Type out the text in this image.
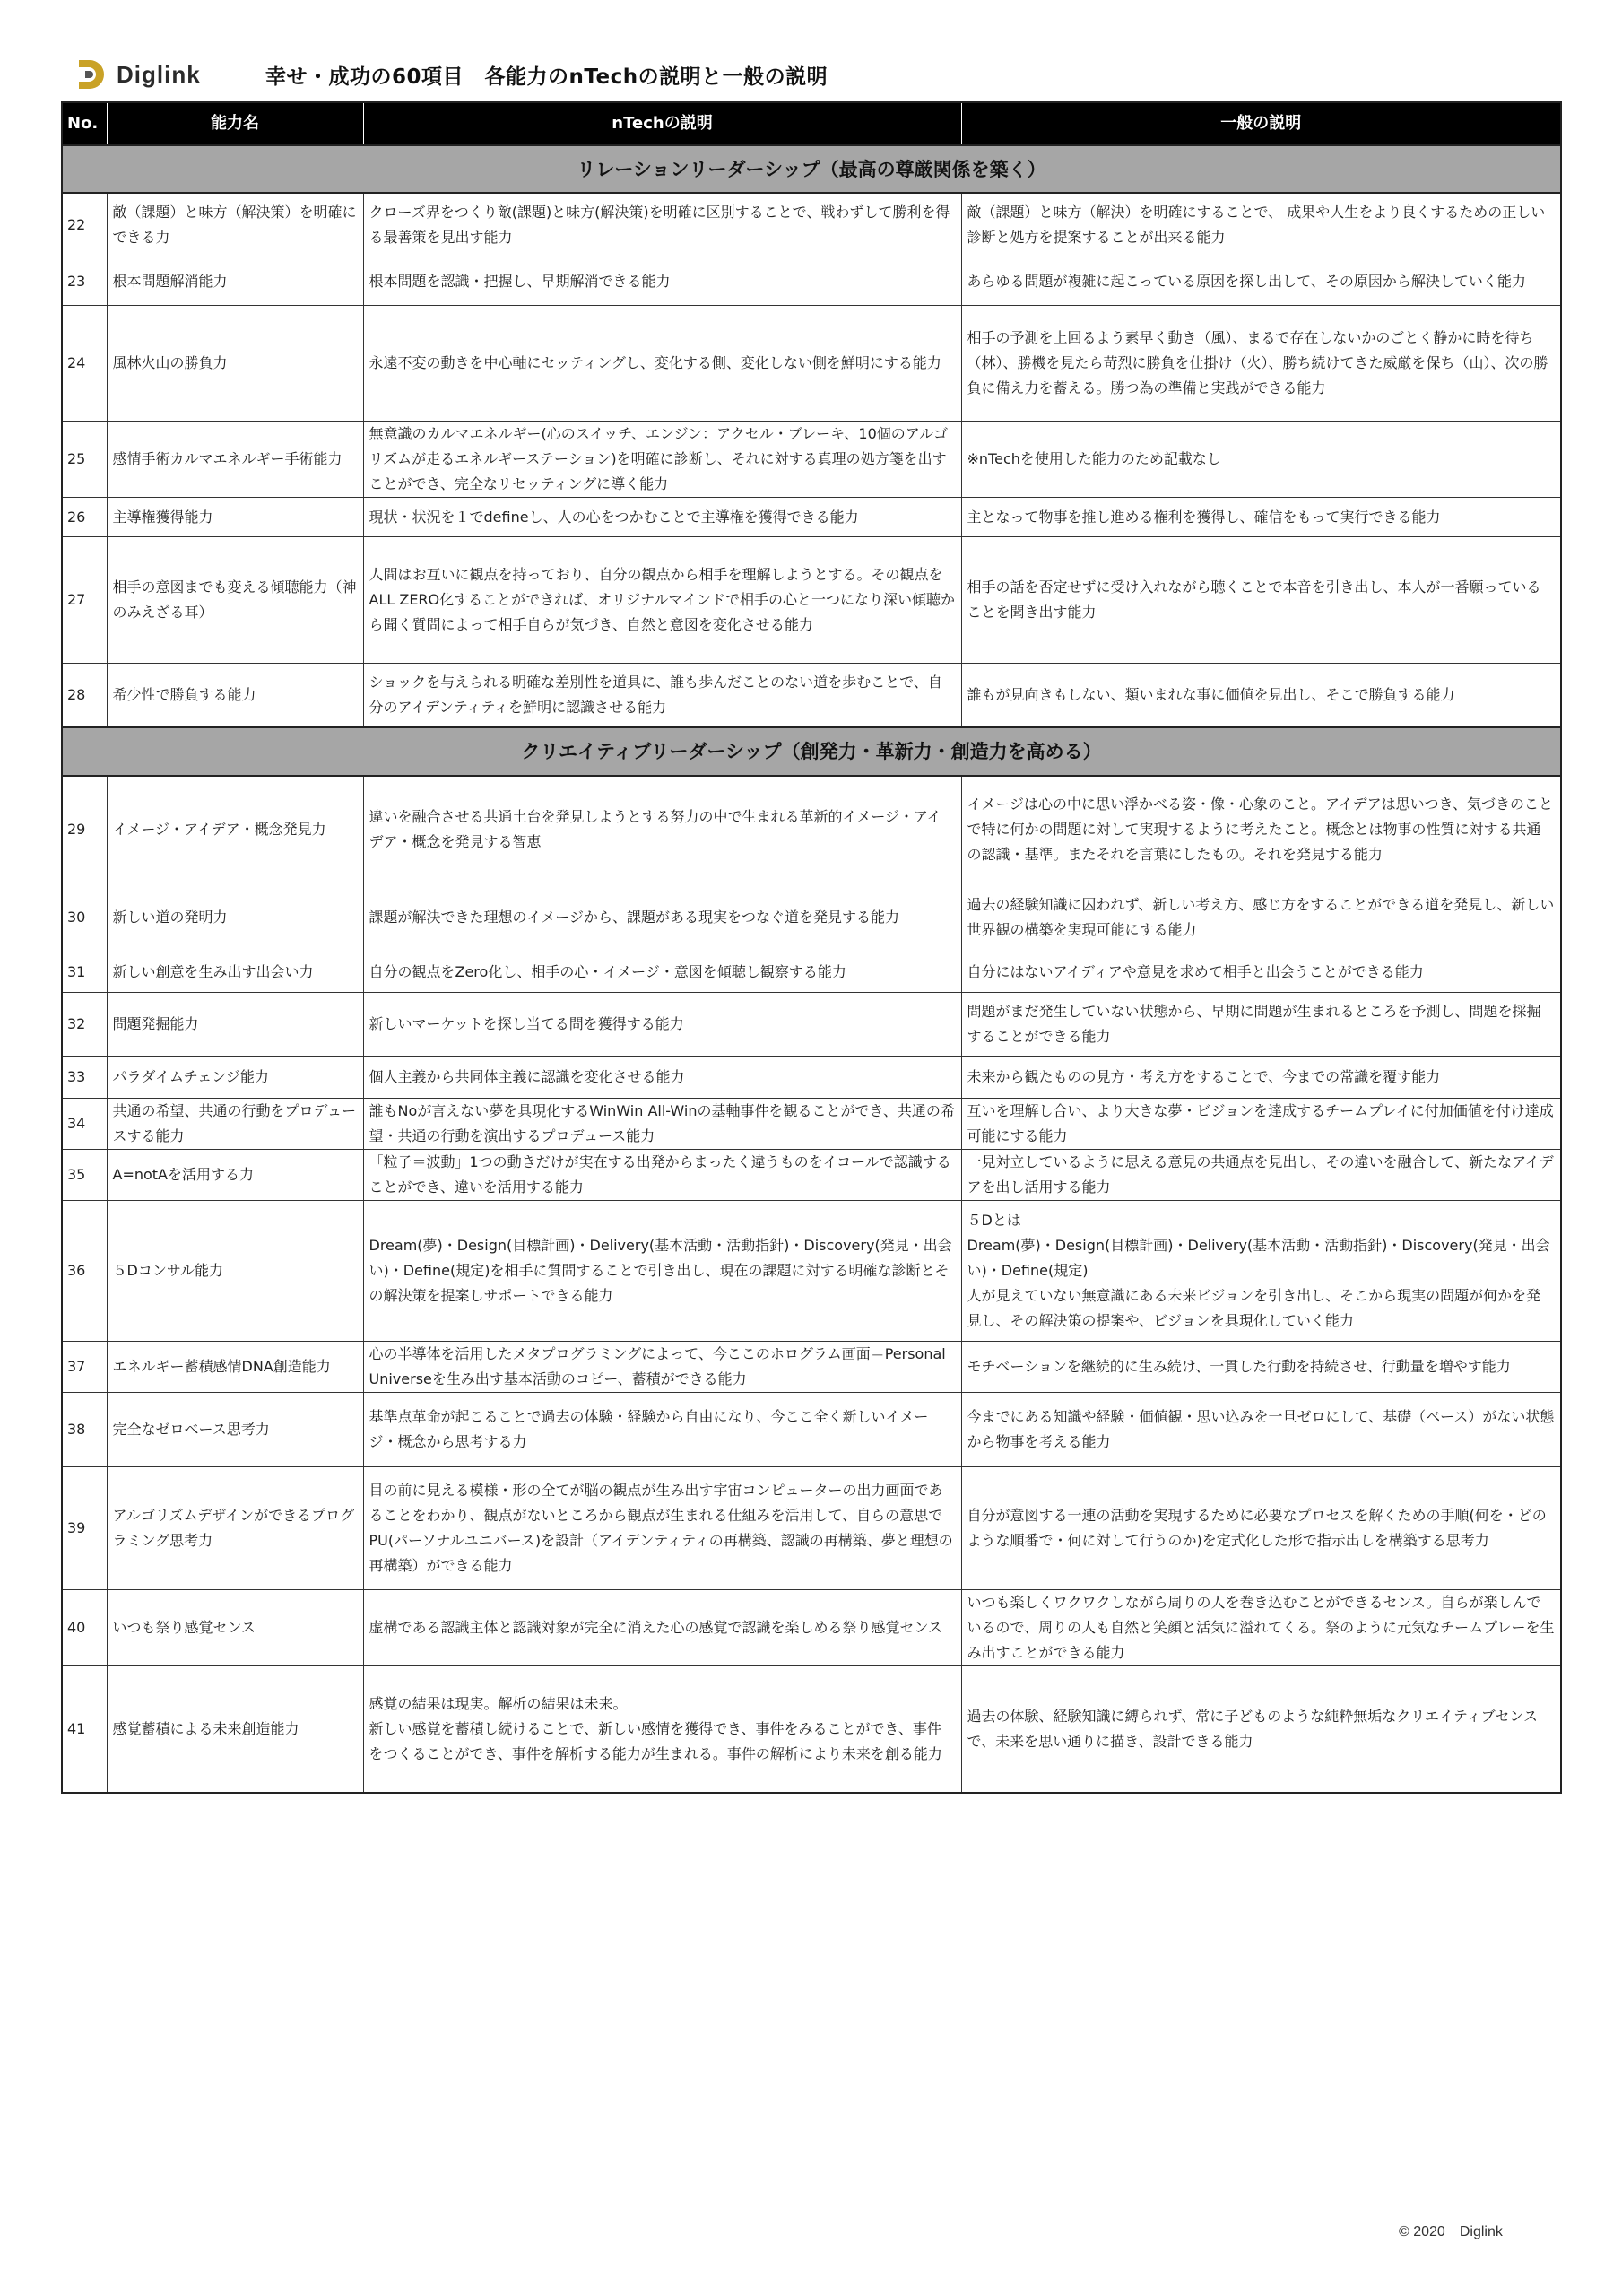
Diglink	幸せ・成功の60項目　各能力のnTechの説明と一般の説明
No.	能力名	nTechの説明	一般の説明
リレーションリーダーシップ（最高の尊厳関係を築く）			
22	敵（課題）と味方（解決策）を明確にできる力	クローズ界をつくり敵(課題)と味方(解決策)を明確に区別することで、戦わずして勝利を得る最善策を見出す能力	敵（課題）と味方（解決）を明確にすることで、 成果や人生をより良くするための正しい診断と処方を提案することが出来る能力
23	根本問題解消能力	根本問題を認識・把握し、早期解消できる能力	あらゆる問題が複雑に起こっている原因を探し出して、その原因から解決していく能力
24	風林火山の勝負力	永遠不変の動きを中心軸にセッティングし、変化する側、変化しない側を鮮明にする能力	相手の予測を上回るよう素早く動き（風）、まるで存在しないかのごとく静かに時を待ち（林）、勝機を見たら苛烈に勝負を仕掛け（火）、勝ち続けてきた威厳を保ち（山）、次の勝負に備え力を蓄える。勝つ為の準備と実践ができる能力
25	感情手術カルマエネルギー手術能力	無意識のカルマエネルギー(心のスイッチ、エンジン：アクセル・ブレーキ、10個のアルゴリズムが走るエネルギーステーション)を明確に診断し、それに対する真理の処方箋を出すことができ、完全なリセッティングに導く能力	※nTechを使用した能力のため記載なし
26	主導権獲得能力	現状・状況を１でdefineし、人の心をつかむことで主導権を獲得できる能力	主となって物事を推し進める権利を獲得し、確信をもって実行できる能力
27	相手の意図までも変える傾聴能力（神のみえざる耳）	人間はお互いに観点を持っており、自分の観点から相手を理解しようとする。その観点をALL ZERO化することができれば、オリジナルマインドで相手の心と一つになり深い傾聴から聞く質問によって相手自らが気づき、自然と意図を変化させる能力	相手の話を否定せずに受け入れながら聴くことで本音を引き出し、本人が一番願っていることを聞き出す能力
28	希少性で勝負する能力	ショックを与えられる明確な差別性を道具に、誰も歩んだことのない道を歩むことで、自分のアイデンティティを鮮明に認識させる能力	誰もが見向きもしない、類いまれな事に価値を見出し、そこで勝負する能力
クリエイティブリーダーシップ（創発力・革新力・創造力を高める）			
29	イメージ・アイデア・概念発見力	違いを融合させる共通土台を発見しようとする努力の中で生まれる革新的イメージ・アイデア・概念を発見する智恵	イメージは心の中に思い浮かべる姿・像・心象のこと。アイデアは思いつき、気づきのことで特に何かの問題に対して実現するように考えたこと。概念とは物事の性質に対する共通の認識・基準。またそれを言葉にしたもの。それを発見する能力
30	新しい道の発明力	課題が解決できた理想のイメージから、課題がある現実をつなぐ道を発見する能力	過去の経験知識に囚われず、新しい考え方、感じ方をすることができる道を発見し、新しい世界観の構築を実現可能にする能力
31	新しい創意を生み出す出会い力	自分の観点をZero化し、相手の心・イメージ・意図を傾聴し観察する能力	自分にはないアイディアや意見を求めて相手と出会うことができる能力
32	問題発掘能力	新しいマーケットを探し当てる問を獲得する能力	問題がまだ発生していない状態から、早期に問題が生まれるところを予測し、問題を採掘することができる能力
33	パラダイムチェンジ能力	個人主義から共同体主義に認識を変化させる能力	未来から観たものの見方・考え方をすることで、今までの常識を覆す能力
34	共通の希望、共通の行動をプロデュースする能力	誰もNoが言えない夢を具現化するWinWin All-Winの基軸事件を観ることができ、共通の希望・共通の行動を演出するプロデュース能力	互いを理解し合い、より大きな夢・ビジョンを達成するチームプレイに付加価値を付け達成可能にする能力
35	A=notAを活用する力	「粒子＝波動」1つの動きだけが実在する出発からまったく違うものをイコールで認識することができ、違いを活用する能力	一見対立しているように思える意見の共通点を見出し、その違いを融合して、新たなアイデアを出し活用する能力
36	５Dコンサル能力	Dream(夢)・Design(目標計画)・Delivery(基本活動・活動指針)・Discovery(発見・出会い)・Define(規定)を相手に質問することで引き出し、現在の課題に対する明確な診断とその解決策を提案しサポートできる能力	５Dとは
Dream(夢)・Design(目標計画)・Delivery(基本活動・活動指針)・Discovery(発見・出会い)・Define(規定)
人が見えていない無意識にある未来ビジョンを引き出し、そこから現実の問題が何かを発見し、その解決策の提案や、ビジョンを具現化していく能力
37	エネルギー蓄積感情DNA創造能力	心の半導体を活用したメタプログラミングによって、今ここのホログラム画面＝Personal Universeを生み出す基本活動のコピー、蓄積ができる能力	モチベーションを継続的に生み続け、一貫した行動を持続させ、行動量を増やす能力
38	完全なゼロベース思考力	基準点革命が起こることで過去の体験・経験から自由になり、今ここ全く新しいイメージ・概念から思考する力	今までにある知識や経験・価値観・思い込みを一旦ゼロにして、基礎（ベース）がない状態から物事を考える能力
39	アルゴリズムデザインができるプログラミング思考力	目の前に見える模様・形の全てが脳の観点が生み出す宇宙コンピューターの出力画面であることをわかり、観点がないところから観点が生まれる仕組みを活用して、自らの意思でPU(パーソナルユニバース)を設計（アイデンティティの再構築、認識の再構築、夢と理想の再構築）ができる能力	自分が意図する一連の活動を実現するために必要なプロセスを解くための手順(何を・どのような順番で・何に対して行うのか)を定式化した形で指示出しを構築する思考力
40	いつも祭り感覚センス	虚構である認識主体と認識対象が完全に消えた心の感覚で認識を楽しめる祭り感覚センス	いつも楽しくワクワクしながら周りの人を巻き込むことができるセンス。自らが楽しんでいるので、周りの人も自然と笑顔と活気に溢れてくる。祭のように元気なチームプレーを生み出すことができる能力
41	感覚蓄積による未来創造能力	感覚の結果は現実。解析の結果は未来。
新しい感覚を蓄積し続けることで、新しい感情を獲得でき、事件をみることができ、事件をつくることができ、事件を解析する能力が生まれる。事件の解析により未来を創る能力	過去の体験、経験知識に縛られず、常に子どものような純粋無垢なクリエイティブセンスで、未来を思い通りに描き、設計できる能力
© 2020　Diglink
